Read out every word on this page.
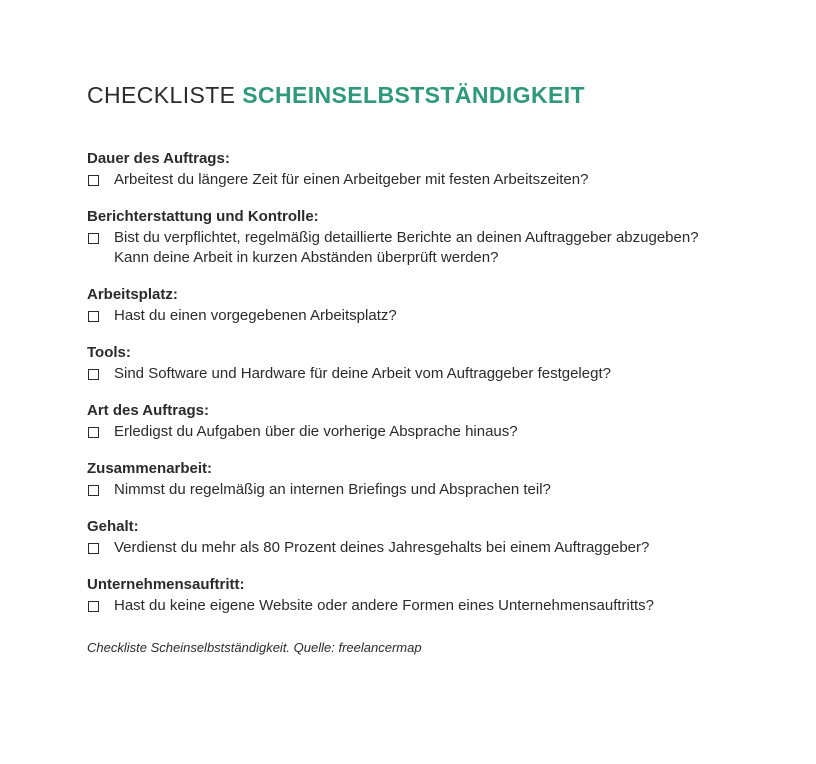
CHECKLISTE SCHEINSELBSTSTÄNDIGKEIT
Dauer des Auftrags:
Arbeitest du längere Zeit für einen Arbeitgeber mit festen Arbeitszeiten?
Berichterstattung und Kontrolle:
Bist du verpflichtet, regelmäßig detaillierte Berichte an deinen Auftraggeber abzugeben?
Kann deine Arbeit in kurzen Abständen überprüft werden?
Arbeitsplatz:
Hast du einen vorgegebenen Arbeitsplatz?
Tools:
Sind Software und Hardware für deine Arbeit vom Auftraggeber festgelegt?
Art des Auftrags:
Erledigst du Aufgaben über die vorherige Absprache hinaus?
Zusammenarbeit:
Nimmst du regelmäßig an internen Briefings und Absprachen teil?
Gehalt:
Verdienst du mehr als 80 Prozent deines Jahresgehalts bei einem Auftraggeber?
Unternehmensauftritt:
Hast du keine eigene Website oder andere Formen eines Unternehmensauftritts?
Checkliste Scheinselbstständigkeit. Quelle: freelancermap
